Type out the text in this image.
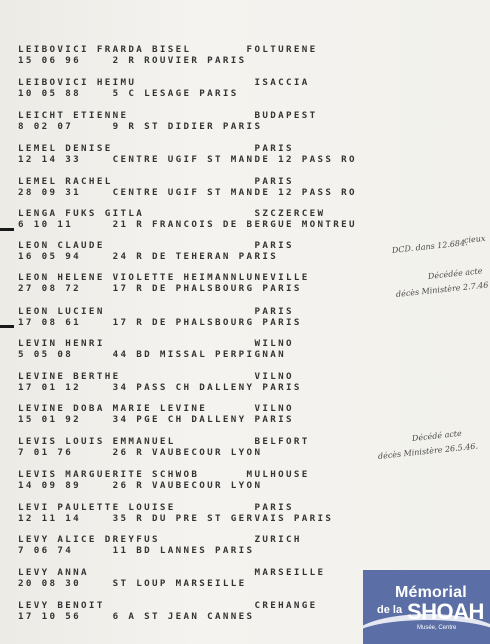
LEIBOVICI FRARDA BISEL       FOLTURENE
15 06 96    2 R ROUVIER PARIS
LEIBOVICI HEIMU               ISACCIA
10 05 88    5 C LESAGE PARIS
LEICHT ETIENNE                BUDAPEST
8 02 07     9 R ST DIDIER PARIS
LEMEL DENISE                  PARIS
12 14 33    CENTRE UGIF ST MANDE 12 PASS RO
LEMEL RACHEL                  PARIS
28 09 31    CENTRE UGIF ST MANDE 12 PASS RO
LENGA FUKS GITLA              SZCZERCEW
6 10 11     21 R FRANCOIS DE BERGUE MONTREU
LEON CLAUDE                   PARIS
16 05 94    24 R DE TEHERAN PARIS
LEON HELENE VIOLETTE HEIMANNLUNEVILLE
27 08 72    17 R DE PHALSBOURG PARIS
LEON LUCIEN                   PARIS
17 08 61    17 R DE PHALSBOURG PARIS
LEVIN HENRI                   WILNO
5 05 08     44 BD MISSAL PERPIGNAN
LEVINE BERTHE                 VILNO
17 01 12    34 PASS CH DALLENY PARIS
LEVINE DOBA MARIE LEVINE      VILNO
15 01 92    34 PGE CH DALLENY PARIS
LEVIS LOUIS EMMANUEL          BELFORT
7 01 76     26 R VAUBECOUR LYON
LEVIS MARGUERITE SCHWOB      MULHOUSE
14 09 89    26 R VAUBECOUR LYON
LEVI PAULETTE LOUISE          PARIS
12 11 14    35 R DU PRE ST GERVAIS PARIS
LEVY ALICE DREYFUS            ZURICH
7 06 74     11 BD LANNES PARIS
LEVY ANNA                     MARSEILLE
20 08 30    ST LOUP MARSEILLE
LEVY BENOIT                   CREHANGE
17 10 56    6 A ST JEAN CANNES
DCD. dans 12.684.
cieux
Décédée acte
décès Ministère 2.7.46
Décédé acte
décès Ministère 26.5.46.
Mémorial
de la SHOAH
Musée, Centre
